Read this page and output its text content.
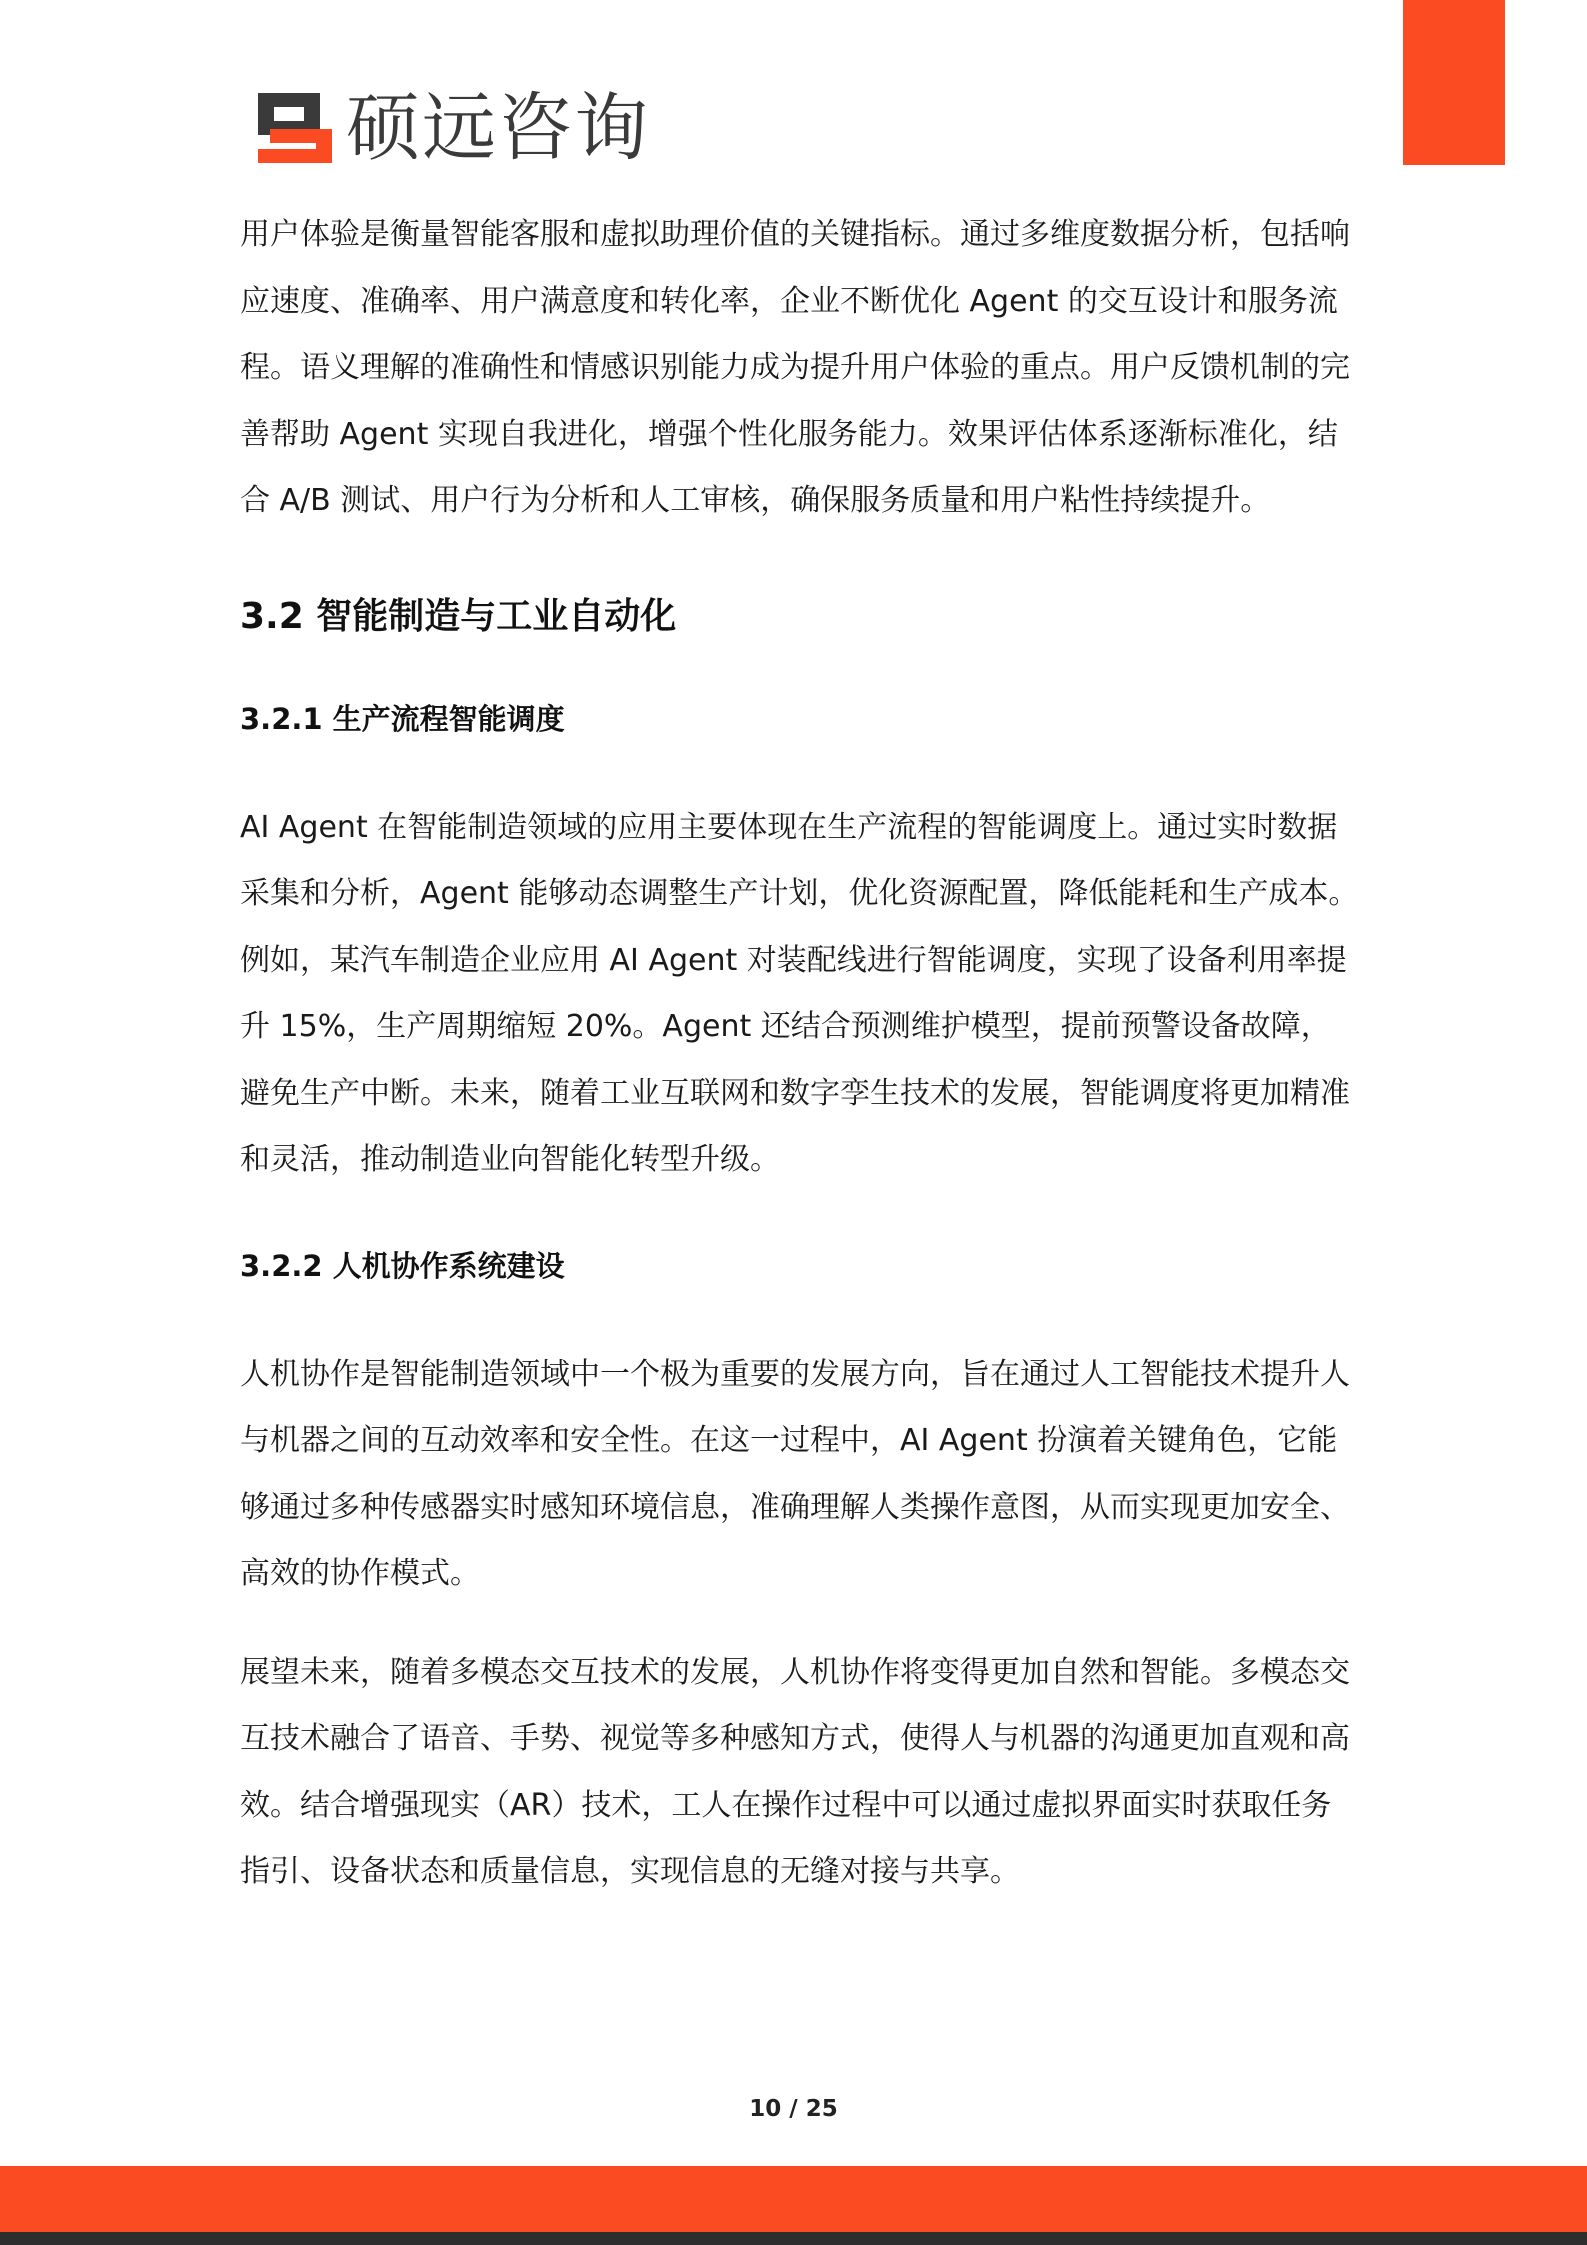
硕远咨询

用户体验是衡量智能客服和虚拟助理价值的关键指标。通过多维度数据分析，包括响应速度、准确率、用户满意度和转化率，企业不断优化 Agent 的交互设计和服务流程。语义理解的准确性和情感识别能力成为提升用户体验的重点。用户反馈机制的完善帮助 Agent 实现自我进化，增强个性化服务能力。效果评估体系逐渐标准化，结合 A/B 测试、用户行为分析和人工审核，确保服务质量和用户粘性持续提升。

3.2 智能制造与工业自动化
3.2.1 生产流程智能调度

AI Agent 在智能制造领域的应用主要体现在生产流程的智能调度上。通过实时数据采集和分析，Agent 能够动态调整生产计划，优化资源配置，降低能耗和生产成本。例如，某汽车制造企业应用 AI Agent 对装配线进行智能调度，实现了设备利用率提升 15%，生产周期缩短 20%。Agent 还结合预测维护模型，提前预警设备故障，避免生产中断。未来，随着工业互联网和数字孪生技术的发展，智能调度将更加精准和灵活，推动制造业向智能化转型升级。

3.2.2 人机协作系统建设

人机协作是智能制造领域中一个极为重要的发展方向，旨在通过人工智能技术提升人与机器之间的互动效率和安全性。在这一过程中，AI Agent 扮演着关键角色，它能够通过多种传感器实时感知环境信息，准确理解人类操作意图，从而实现更加安全、高效的协作模式。

展望未来，随着多模态交互技术的发展，人机协作将变得更加自然和智能。多模态交互技术融合了语音、手势、视觉等多种感知方式，使得人与机器的沟通更加直观和高效。结合增强现实（AR）技术，工人在操作过程中可以通过虚拟界面实时获取任务指引、设备状态和质量信息，实现信息的无缝对接与共享。

10 / 25
